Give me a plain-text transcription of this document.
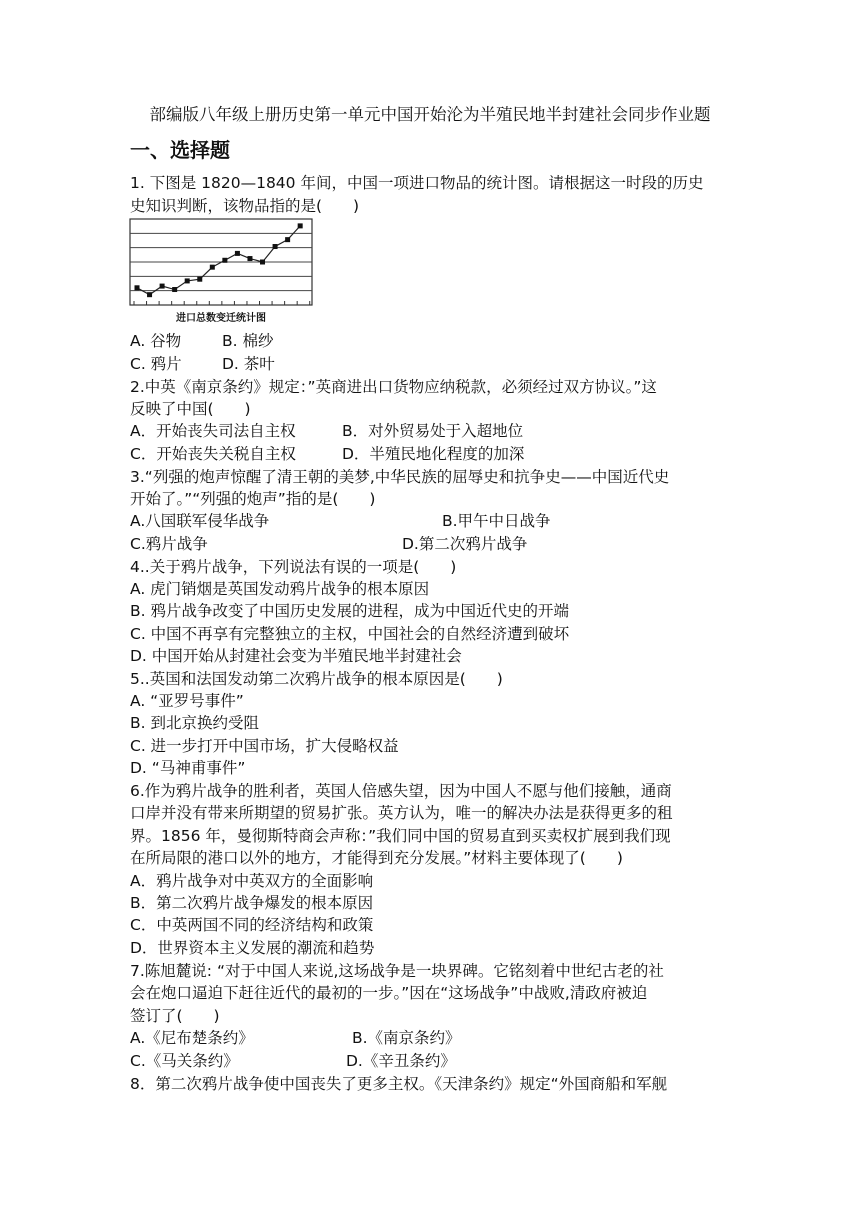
部编版八年级上册历史第一单元中国开始沦为半殖民地半封建社会同步作业题
一、选择题
1. 下图是 1820—1840 年间，中国一项进口物品的统计图。请根据这一时段的历史
史知识判断，该物品指的是(　　)
进口总数变迁统计图
A. 谷物	B. 棉纱
C. 鸦片	D. 茶叶
2.中英《南京条约》规定：”英商进出口货物应纳税款，必须经过双方协议。”这
反映了中国(　　)
A．开始丧失司法自主权	B．对外贸易处于入超地位
C．开始丧失关税自主权	D．半殖民地化程度的加深
3.“列强的炮声惊醒了清王朝的美梦,中华民族的屈辱史和抗争史——中国近代史
开始了。”“列强的炮声”指的是(　　)
A.八国联军侵华战争	B.甲午中日战争
C.鸦片战争	D.第二次鸦片战争
4..关于鸦片战争，下列说法有误的一项是(　　)
A. 虎门销烟是英国发动鸦片战争的根本原因
B. 鸦片战争改变了中国历史发展的进程，成为中国近代史的开端
C. 中国不再享有完整独立的主权，中国社会的自然经济遭到破坏
D. 中国开始从封建社会变为半殖民地半封建社会
5..英国和法国发动第二次鸦片战争的根本原因是(　　)
A. “亚罗号事件”
B. 到北京换约受阻
C. 进一步打开中国市场，扩大侵略权益
D. “马神甫事件”
6.作为鸦片战争的胜利者，英国人倍感失望，因为中国人不愿与他们接触，通商
口岸并没有带来所期望的贸易扩张。英方认为，唯一的解决办法是获得更多的租
界。1856 年，曼彻斯特商会声称：”我们同中国的贸易直到买卖权扩展到我们现
在所局限的港口以外的地方，才能得到充分发展。”材料主要体现了(　　)
A．鸦片战争对中英双方的全面影响
B．第二次鸦片战争爆发的根本原因
C．中英两国不同的经济结构和政策
D．世界资本主义发展的潮流和趋势
7.陈旭麓说: “对于中国人来说,这场战争是一块界碑。它铭刻着中世纪古老的社
会在炮口逼迫下赶往近代的最初的一步。”因在“这场战争”中战败,清政府被迫
签订了(　　)
A.《尼布楚条约》	B.《南京条约》
C.《马关条约》	D.《辛丑条约》
8．第二次鸦片战争使中国丧失了更多主权。《天津条约》规定“外国商船和军舰
